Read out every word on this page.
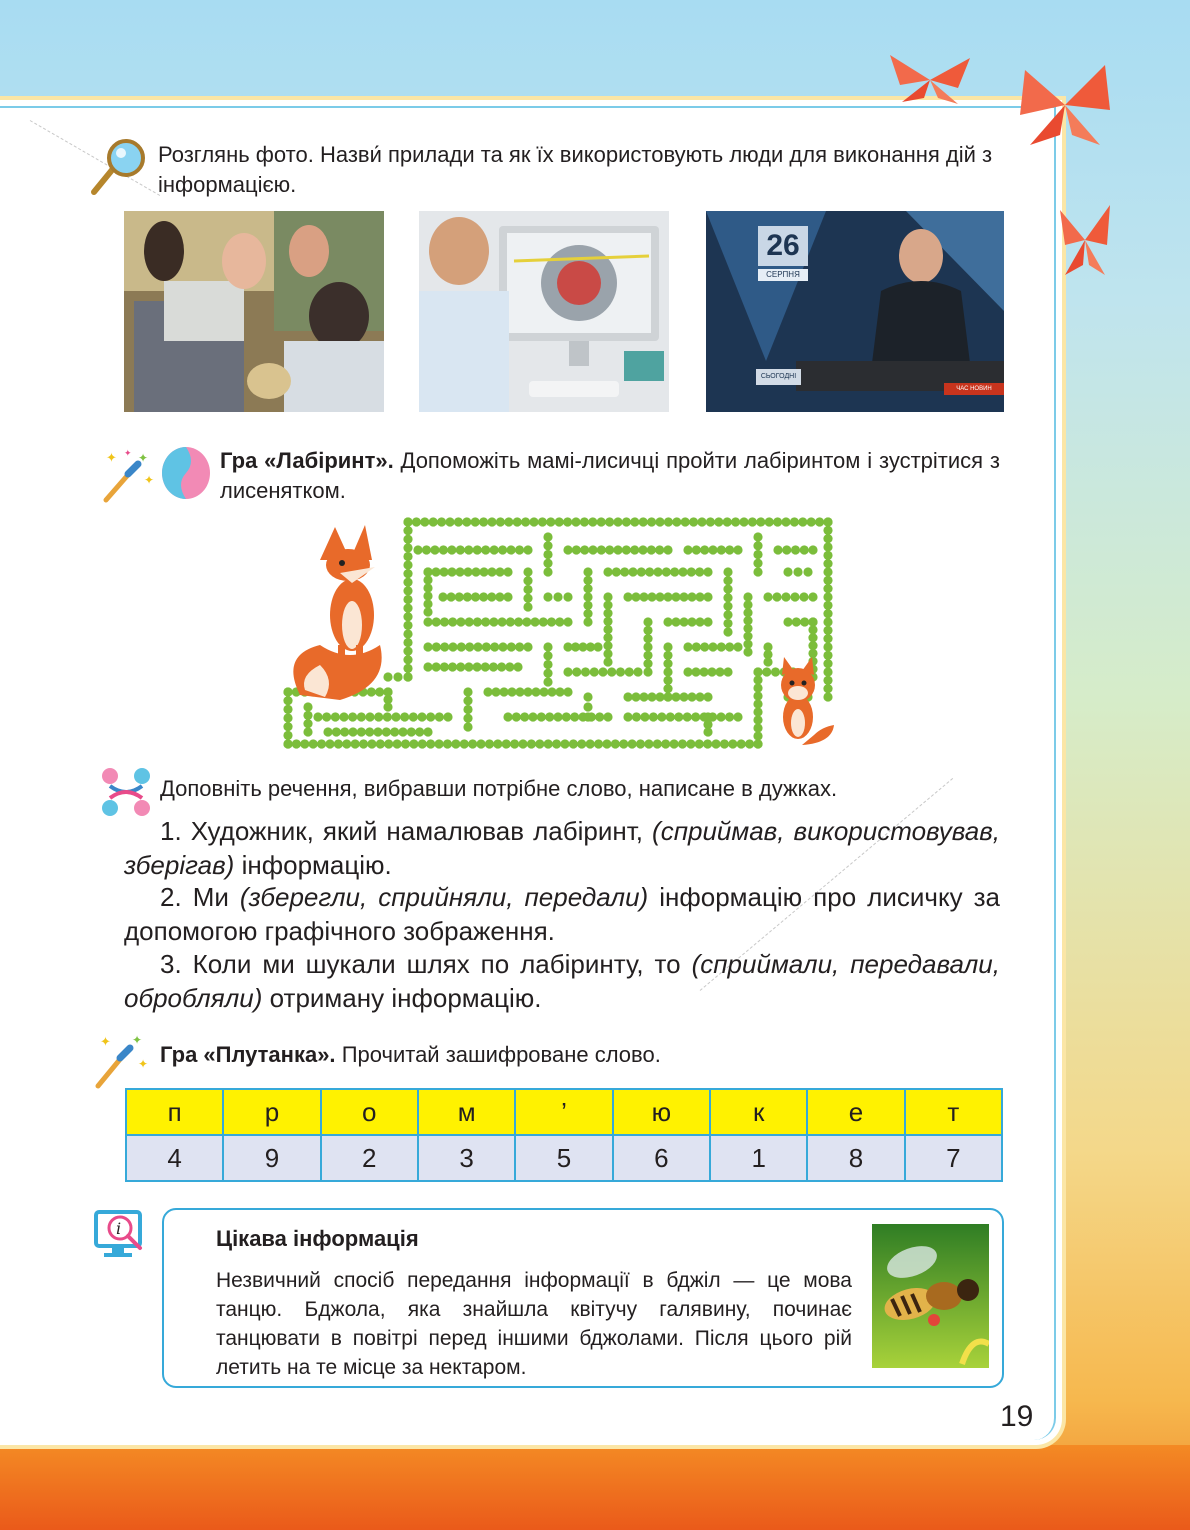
Розглянь фото. Назви́ прилади та як їх використовують люди для виконання дій з інформацією.
26
СЕРПНЯ
СЬОГОДНІ
ЧАС НОВИН
✦ ✦
✦
✦	Гра «Лабіринт». Допоможіть мамі-лисичці пройти лабіринтом і зустрітися з лисенятком.
Доповніть речення, вибравши потрібне слово, написане в дужках.
1. Художник, який намалював лабіринт, (сприймав, використовував, зберігав) інформацію.
2. Ми (зберегли, сприйняли, передали) інформацію про лисичку за допомогою графічного зображення.
3. Коли ми шукали шлях по лабіринту, то (сприймали, передавали, обробляли) отриману інформацію.
✦ ✦
✦ Гра «Плутанка». Прочитай зашифроване слово.
п	р	о	м	’	ю	к	е	т
4	9	2	3	5	6	1	8	7
i	Цікава інформація
Незвичний спосіб передання інформації в бджіл — це мова танцю. Бджола, яка знайшла квітучу галявину, починає танцювати в повітрі перед іншими бджолами. Після цього рій летить на те місце за нектаром.
19
